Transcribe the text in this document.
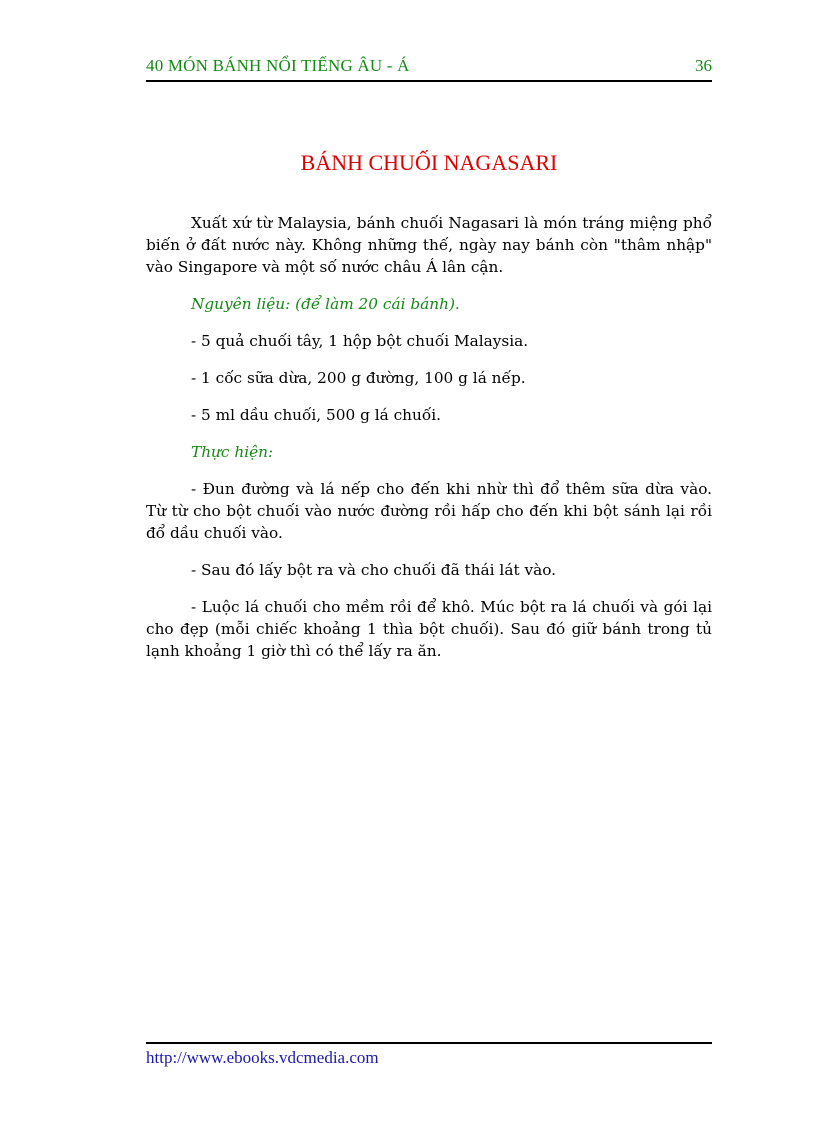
40 MÓN BÁNH NỔI TIẾNG ÂU - Á	36
BÁNH CHUỐI NAGASARI

Xuất xứ từ Malaysia, bánh chuối Nagasari là món tráng miệng phổ biến ở đất nước này. Không những thế, ngày nay bánh còn "thâm nhập" vào Singapore và một số nước châu Á lân cận.

Nguyên liệu: (để làm 20 cái bánh).

- 5 quả chuối tây, 1 hộp bột chuối Malaysia.

- 1 cốc sữa dừa, 200 g đường, 100 g lá nếp.

- 5 ml dầu chuối, 500 g lá chuối.

Thực hiện:

- Đun đường và lá nếp cho đến khi nhừ thì đổ thêm sữa dừa vào. Từ từ cho bột chuối vào nước đường rồi hấp cho đến khi bột sánh lại rồi đổ dầu chuối vào.

- Sau đó lấy bột ra và cho chuối đã thái lát vào.

- Luộc lá chuối cho mềm rồi để khô. Múc bột ra lá chuối và gói lại cho đẹp (mỗi chiếc khoảng 1 thìa bột chuối). Sau đó giữ bánh trong tủ lạnh khoảng 1 giờ thì có thể lấy ra ăn.

http://www.ebooks.vdcmedia.com
